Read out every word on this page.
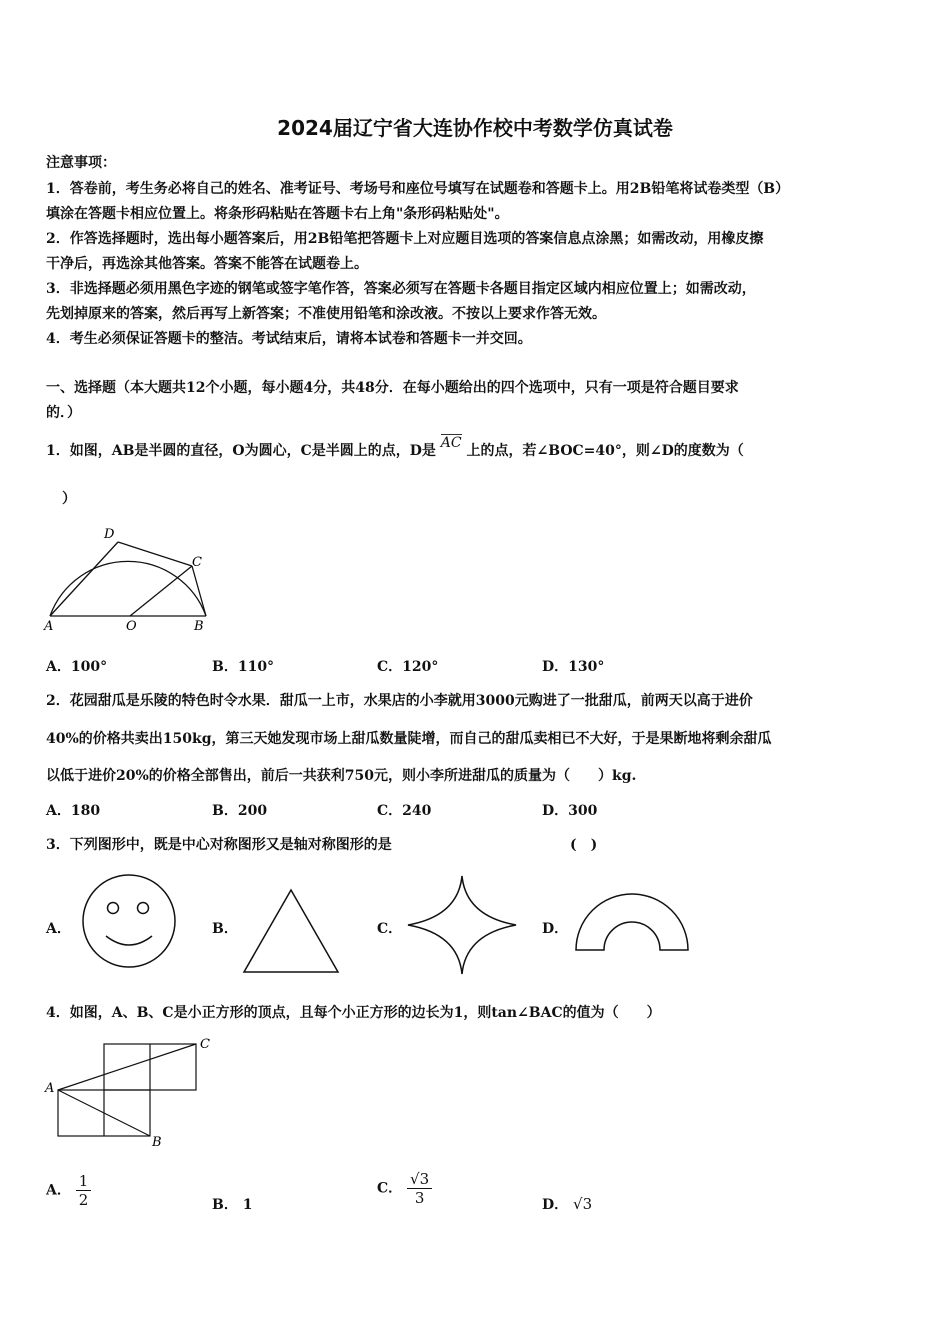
2024届辽宁省大连协作校中考数学仿真试卷
注意事项：
1．答卷前，考生务必将自己的姓名、准考证号、考场号和座位号填写在试题卷和答题卡上。用2B铅笔将试卷类型（B）
填涂在答题卡相应位置上。将条形码粘贴在答题卡右上角"条形码粘贴处"。
2．作答选择题时，选出每小题答案后，用2B铅笔把答题卡上对应题目选项的答案信息点涂黑；如需改动，用橡皮擦
干净后，再选涂其他答案。答案不能答在试题卷上。
3．非选择题必须用黑色字迹的钢笔或签字笔作答，答案必须写在答题卡各题目指定区域内相应位置上；如需改动，
先划掉原来的答案，然后再写上新答案；不准使用铅笔和涂改液。不按以上要求作答无效。
4．考生必须保证答题卡的整洁。考试结束后，请将本试卷和答题卡一并交回。
一、选择题（本大题共12个小题，每小题4分，共48分．在每小题给出的四个选项中，只有一项是符合题目要求
的．）
1．如图，AB是半圆的直径，O为圆心，C是半圆上的点，D是 AC 上的点，若∠BOC=40°，则∠D的度数为（
）
D
C
A	O	B
A．100°	B．110°	C．120°	D．130°
2．花园甜瓜是乐陵的特色时令水果．甜瓜一上市，水果店的小李就用3000元购进了一批甜瓜，前两天以高于进价
40%的价格共卖出150kg，第三天她发现市场上甜瓜数量陡增，而自己的甜瓜卖相已不大好，于是果断地将剩余甜瓜
以低于进价20%的价格全部售出，前后一共获利750元，则小李所进甜瓜的质量为（　　）kg.
A．180	B．200	C．240	D．300
3．下列图形中，既是中心对称图形又是轴对称图形的是	(　)
A．	B．	C．	D．
4．如图，A、B、C是小正方形的顶点，且每个小正方形的边长为1，则tan∠BAC的值为（　　）
A
C
B
A． $\frac{1}{2}$	B． 1
C． $\frac{√3}{3}$	D． √3
